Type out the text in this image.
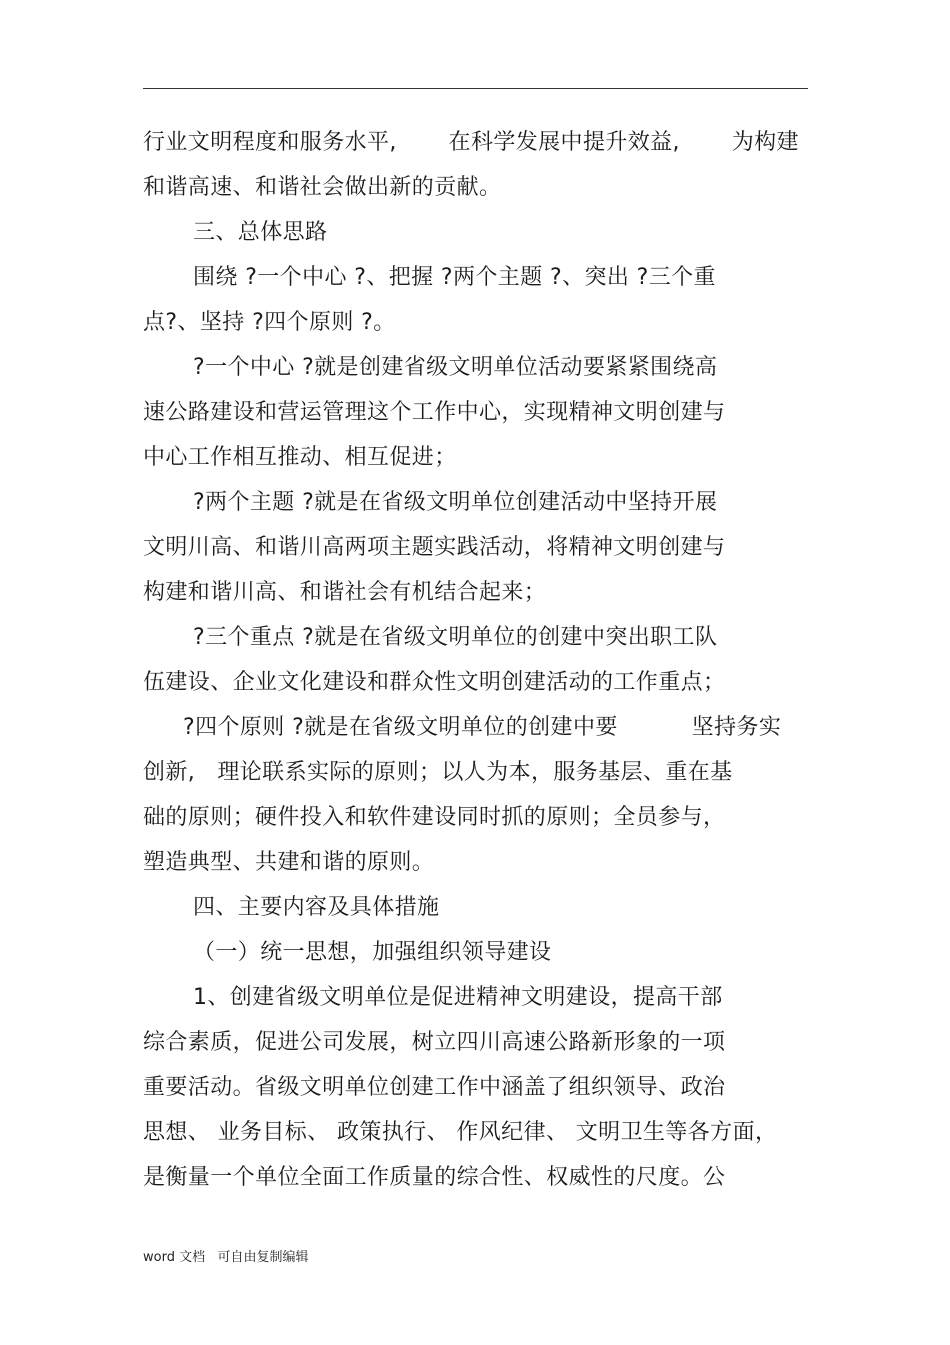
行业文明程度和服务水平,       在科学发展中提升效益,       为构建
和谐高速、和谐社会做出新的贡献。
三、总体思路
围绕 ?一个中心 ?、把握 ?两个主题 ?、突出 ?三个重
点?、坚持 ?四个原则 ?。
?一个中心 ?就是创建省级文明单位活动要紧紧围绕高
速公路建设和营运管理这个工作中心，实现精神文明创建与
中心工作相互推动、相互促进；
?两个主题 ?就是在省级文明单位创建活动中坚持开展
文明川高、和谐川高两项主题实践活动，将精神文明创建与
构建和谐川高、和谐社会有机结合起来；
?三个重点 ?就是在省级文明单位的创建中突出职工队
伍建设、企业文化建设和群众性文明创建活动的工作重点；
?四个原则 ?就是在省级文明单位的创建中要          坚持务实
创新,   理论联系实际的原则；以人为本，服务基层、重在基
础的原则；硬件投入和软件建设同时抓的原则；全员参与，
塑造典型、共建和谐的原则。
四、主要内容及具体措施
（一）统一思想，加强组织领导建设
1、创建省级文明单位是促进精神文明建设，提高干部
综合素质，促进公司发展，树立四川高速公路新形象的一项
重要活动。省级文明单位创建工作中涵盖了组织领导、政治
思想、 业务目标、 政策执行、 作风纪律、 文明卫生等各方面，
是衡量一个单位全面工作质量的综合性、权威性的尺度。公
word 文档   可自由复制编辑
